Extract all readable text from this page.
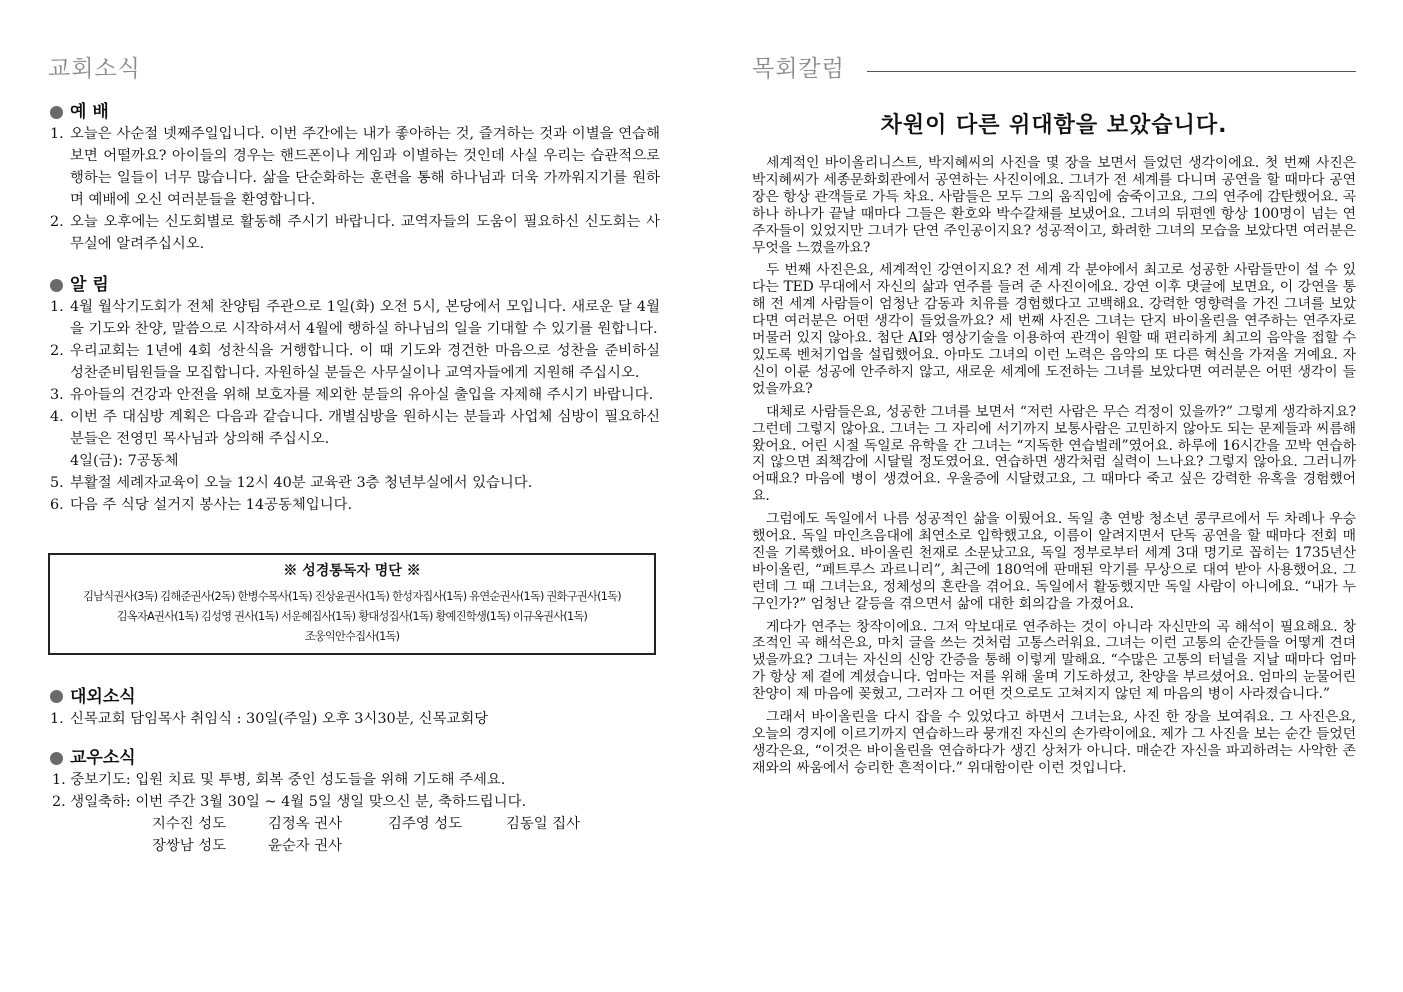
교회소식
예 배
1. 오늘은 사순절 넷째주일입니다. 이번 주간에는 내가 좋아하는 것, 즐겨하는 것과 이별을 연습해 보면 어떨까요? 아이들의 경우는 핸드폰이나 게임과 이별하는 것인데 사실 우리는 습관적으로 행하는 일들이 너무 많습니다. 삶을 단순화하는 훈련을 통해 하나님과 더욱 가까워지기를 원하며 예배에 오신 여러분들을 환영합니다.
2. 오늘 오후에는 신도회별로 활동해 주시기 바랍니다. 교역자들의 도움이 필요하신 신도회는 사무실에 알려주십시오.
알 림
1. 4월 월삭기도회가 전체 찬양팀 주관으로 1일(화) 오전 5시, 본당에서 모입니다. 새로운 달 4월을 기도와 찬양, 말씀으로 시작하셔서 4월에 행하실 하나님의 일을 기대할 수 있기를 원합니다.
2. 우리교회는 1년에 4회 성찬식을 거행합니다. 이 때 기도와 경건한 마음으로 성찬을 준비하실 성찬준비팀원들을 모집합니다. 자원하실 분들은 사무실이나 교역자들에게 지원해 주십시오.
3. 유아들의 건강과 안전을 위해 보호자를 제외한 분들의 유아실 출입을 자제해 주시기 바랍니다.
4. 이번 주 대심방 계획은 다음과 같습니다. 개별심방을 원하시는 분들과 사업체 심방이 필요하신 분들은 전영민 목사님과 상의해 주십시오.
4일(금): 7공동체
5. 부활절 세례자교육이 오늘 12시 40분 교육관 3층 청년부실에서 있습니다.
6. 다음 주 식당 설거지 봉사는 14공동체입니다.
※ 성경통독자 명단 ※
김남식권사(3독) 김해준권사(2독) 한병수목사(1독) 진상윤권사(1독) 한성자집사(1독) 유연순권사(1독) 권화구권사(1독)
김옥자A권사(1독) 김성영 권사(1독) 서운혜집사(1독) 황대성집사(1독) 황예진학생(1독) 이규옥권사(1독)
조웅익안수집사(1독)
대외소식
1. 신목교회 담임목사 취임식 : 30일(주일) 오후 3시30분, 신목교회당
교우소식
1. 중보기도: 입원 치료 및 투병, 회복 중인 성도들을 위해 기도해 주세요.
2. 생일축하: 이번 주간 3월 30일 ~ 4월 5일 생일 맞으신 분, 축하드립니다.
지수진 성도	김정옥 권사	김주영 성도	김동일 집사
장쌍남 성도	윤순자 권사
목회칼럼
차원이 다른 위대함을 보았습니다.

세계적인 바이올리니스트, 박지혜씨의 사진을 몇 장을 보면서 들었던 생각이에요. 첫 번째 사진은 박지혜씨가 세종문화회관에서 공연하는 사진이에요. 그녀가 전 세계를 다니며 공연을 할 때마다 공연장은 항상 관객들로 가득 차요. 사람들은 모두 그의 움직임에 숨죽이고요, 그의 연주에 감탄했어요. 곡 하나 하나가 끝날 때마다 그들은 환호와 박수갈채를 보냈어요. 그녀의 뒤편엔 항상 100명이 넘는 연주자들이 있었지만 그녀가 단연 주인공이지요? 성공적이고, 화려한 그녀의 모습을 보았다면 여러분은 무엇을 느꼈을까요?

두 번째 사진은요, 세계적인 강연이지요? 전 세계 각 분야에서 최고로 성공한 사람들만이 설 수 있다는 TED 무대에서 자신의 삶과 연주를 들려 준 사진이에요. 강연 이후 댓글에 보면요, 이 강연을 통해 전 세계 사람들이 엄청난 감동과 치유를 경험했다고 고백해요. 강력한 영향력을 가진 그녀를 보았다면 여러분은 어떤 생각이 들었을까요? 세 번째 사진은 그녀는 단지 바이올린을 연주하는 연주자로 머물러 있지 않아요. 첨단 AI와 영상기술을 이용하여 관객이 원할 때 편리하게 최고의 음악을 접할 수 있도록 벤처기업을 설립했어요. 아마도 그녀의 이런 노력은 음악의 또 다른 혁신을 가져올 거예요. 자신이 이룬 성공에 안주하지 않고, 새로운 세계에 도전하는 그녀를 보았다면 여러분은 어떤 생각이 들었을까요?

대체로 사람들은요, 성공한 그녀를 보면서 “저런 사람은 무슨 걱정이 있을까?” 그렇게 생각하지요? 그런데 그렇지 않아요. 그녀는 그 자리에 서기까지 보통사람은 고민하지 않아도 되는 문제들과 씨름해 왔어요. 어린 시절 독일로 유학을 간 그녀는 “지독한 연습벌레”였어요. 하루에 16시간을 꼬박 연습하지 않으면 죄책감에 시달릴 정도였어요. 연습하면 생각처럼 실력이 느나요? 그렇지 않아요. 그러니까 어때요? 마음에 병이 생겼어요. 우울증에 시달렸고요, 그 때마다 죽고 싶은 강력한 유혹을 경험했어요.

그럼에도 독일에서 나름 성공적인 삶을 이뤘어요. 독일 총 연방 청소년 콩쿠르에서 두 차례나 우승했어요. 독일 마인츠음대에 최연소로 입학했고요, 이름이 알려지면서 단독 공연을 할 때마다 전회 매진을 기록했어요. 바이올린 천재로 소문났고요, 독일 정부로부터 세계 3대 명기로 꼽히는 1735년산 바이올린, “페트루스 과르니리”, 최근에 180억에 판매된 악기를 무상으로 대여 받아 사용했어요. 그런데 그 때 그녀는요, 정체성의 혼란을 겪어요. 독일에서 활동했지만 독일 사람이 아니에요. “내가 누구인가?” 엄청난 갈등을 겪으면서 삶에 대한 회의감을 가졌어요.

게다가 연주는 창작이에요. 그저 악보대로 연주하는 것이 아니라 자신만의 곡 해석이 필요해요. 창조적인 곡 해석은요, 마치 글을 쓰는 것처럼 고통스러워요. 그녀는 이런 고통의 순간들을 어떻게 견뎌냈을까요? 그녀는 자신의 신앙 간증을 통해 이렇게 말해요. “수많은 고통의 터널을 지날 때마다 엄마가 항상 제 곁에 계셨습니다. 엄마는 저를 위해 울며 기도하셨고, 찬양을 부르셨어요. 엄마의 눈물어린 찬양이 제 마음에 꽂혔고, 그러자 그 어떤 것으로도 고쳐지지 않던 제 마음의 병이 사라졌습니다.”

그래서 바이올린을 다시 잡을 수 있었다고 하면서 그녀는요, 사진 한 장을 보여줘요. 그 사진은요, 오늘의 경지에 이르기까지 연습하느라 뭉개진 자신의 손가락이에요. 제가 그 사진을 보는 순간 들었던 생각은요, “이것은 바이올린을 연습하다가 생긴 상처가 아니다. 매순간 자신을 파괴하려는 사악한 존재와의 싸움에서 승리한 흔적이다.” 위대함이란 이런 것입니다.
